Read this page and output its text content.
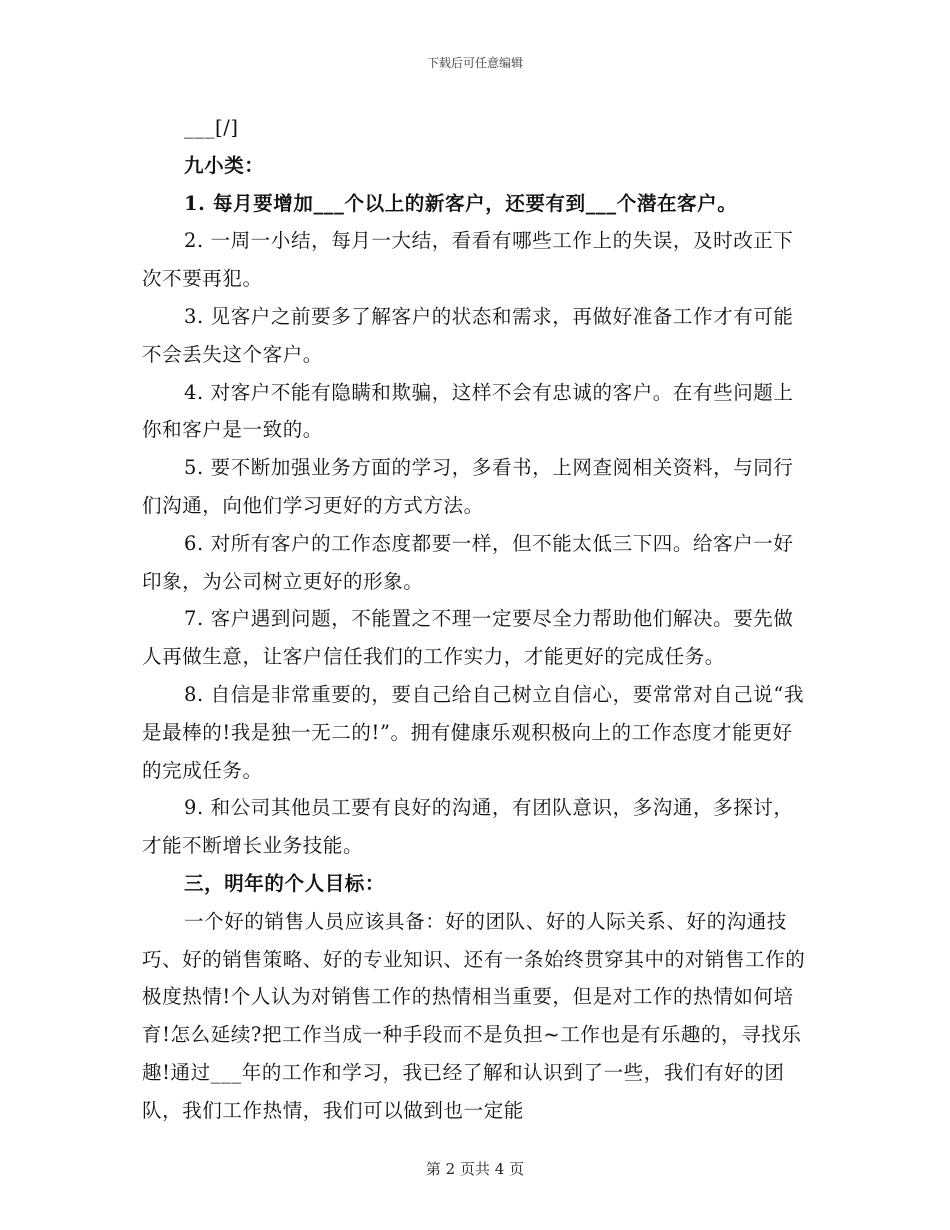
下载后可任意编辑

___[/]

九小类：

1. 每月要增加___个以上的新客户，还要有到___个潜在客户。

2. 一周一小结，每月一大结，看看有哪些工作上的失误，及时改正下次不要再犯。

3. 见客户之前要多了解客户的状态和需求，再做好准备工作才有可能不会丢失这个客户。

4. 对客户不能有隐瞒和欺骗，这样不会有忠诚的客户。在有些问题上你和客户是一致的。

5. 要不断加强业务方面的学习，多看书，上网查阅相关资料，与同行们沟通，向他们学习更好的方式方法。

6. 对所有客户的工作态度都要一样，但不能太低三下四。给客户一好印象，为公司树立更好的形象。

7. 客户遇到问题，不能置之不理一定要尽全力帮助他们解决。要先做人再做生意，让客户信任我们的工作实力，才能更好的完成任务。

8. 自信是非常重要的，要自己给自己树立自信心，要常常对自己说“我是最棒的!我是独一无二的!”。拥有健康乐观积极向上的工作态度才能更好的完成任务。

9. 和公司其他员工要有良好的沟通，有团队意识，多沟通，多探讨，才能不断增长业务技能。

三，明年的个人目标：

一个好的销售人员应该具备：好的团队、好的人际关系、好的沟通技巧、好的销售策略、好的专业知识、还有一条始终贯穿其中的对销售工作的极度热情!个人认为对销售工作的热情相当重要，但是对工作的热情如何培育!怎么延续?把工作当成一种手段而不是负担~工作也是有乐趣的，寻找乐趣!通过___年的工作和学习，我已经了解和认识到了一些，我们有好的团队，我们工作热情，我们可以做到也一定能

第 2 页共 4 页
